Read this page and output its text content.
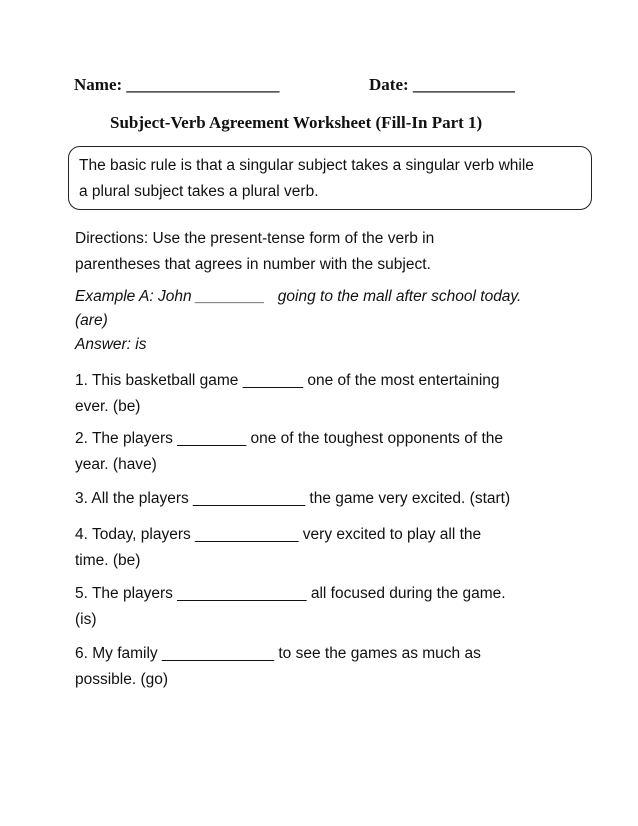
Name: __________________	Date: ____________
Subject-Verb Agreement Worksheet (Fill-In Part 1)
The basic rule is that a singular subject takes a singular verb while
a plural subject takes a plural verb.
Directions: Use the present-tense form of the verb in
parentheses that agrees in number with the subject.
Example A: John ________   going to the mall after school today.
(are)
Answer: is
1. This basketball game _______ one of the most entertaining
ever. (be)
2. The players ________ one of the toughest opponents of the
year. (have)
3. All the players _____________ the game very excited. (start)
4. Today, players ____________ very excited to play all the
time. (be)
5. The players _______________ all focused during the game.
(is)
6. My family _____________ to see the games as much as
possible. (go)
